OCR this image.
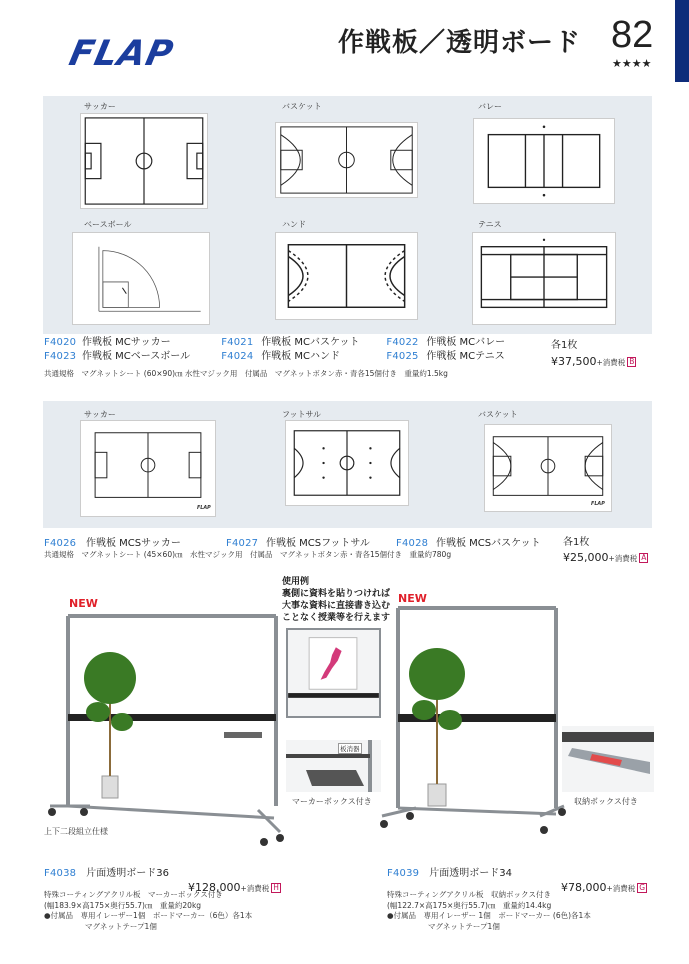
FLAP	作戦板／透明ボード 82
★★★★
サッカー	バスケット	バレー
ベースボール	ハンド	テニス
F4020 作戦板 MCサッカー	F4021 作戦板 MCバスケット	F4022 作戦板 MCバレー
F4023 作戦板 MCベースボール	F4024 作戦板 MCハンド	F4025 作戦板 MCテニス
各1枚
¥37,500+消費税 B
共通規格　マグネットシート (60×90)㎝ 水性マジック用　付属品　マグネットボタン赤・青各15個付き　重量約1.5kg
サッカー	フットサル	バスケット
FLAP
FLAP
F4026 作戦板 MCSサッカー	F4027 作戦板 MCSフットサル	F4028 作戦板 MCSバスケット 各1枚
¥25,000+消費税 A
共通規格　マグネットシート (45×60)㎝　水性マジック用　付属品　マグネットボタン赤・青各15個付き　重量約780g
NEW	NEW
上下二段組立仕様
使用例
裏側に資料を貼りつければ
大事な資料に直接書き込む
ことなく授業等を行えます
板消器
マーカーボックス付き	収納ボックス付き
F4038 片面透明ボード36
¥128,000+消費税 H
特殊コーティングアクリル板　マーカーボックス付き
(幅183.9×高175×奥行55.7)㎝　重量約20kg
●付属品　専用イレーザー1個　ボードマーカー（6色）各1本
マグネットテープ1個
F4039 片面透明ボード34
¥78,000+消費税 G
特殊コーティングアクリル板　収納ボックス付き
(幅122.7×高175×奥行55.7)㎝　重量約14.4kg
●付属品　専用イレーザー 1個　ボードマーカー (6色)各1本
マグネットテープ1個
